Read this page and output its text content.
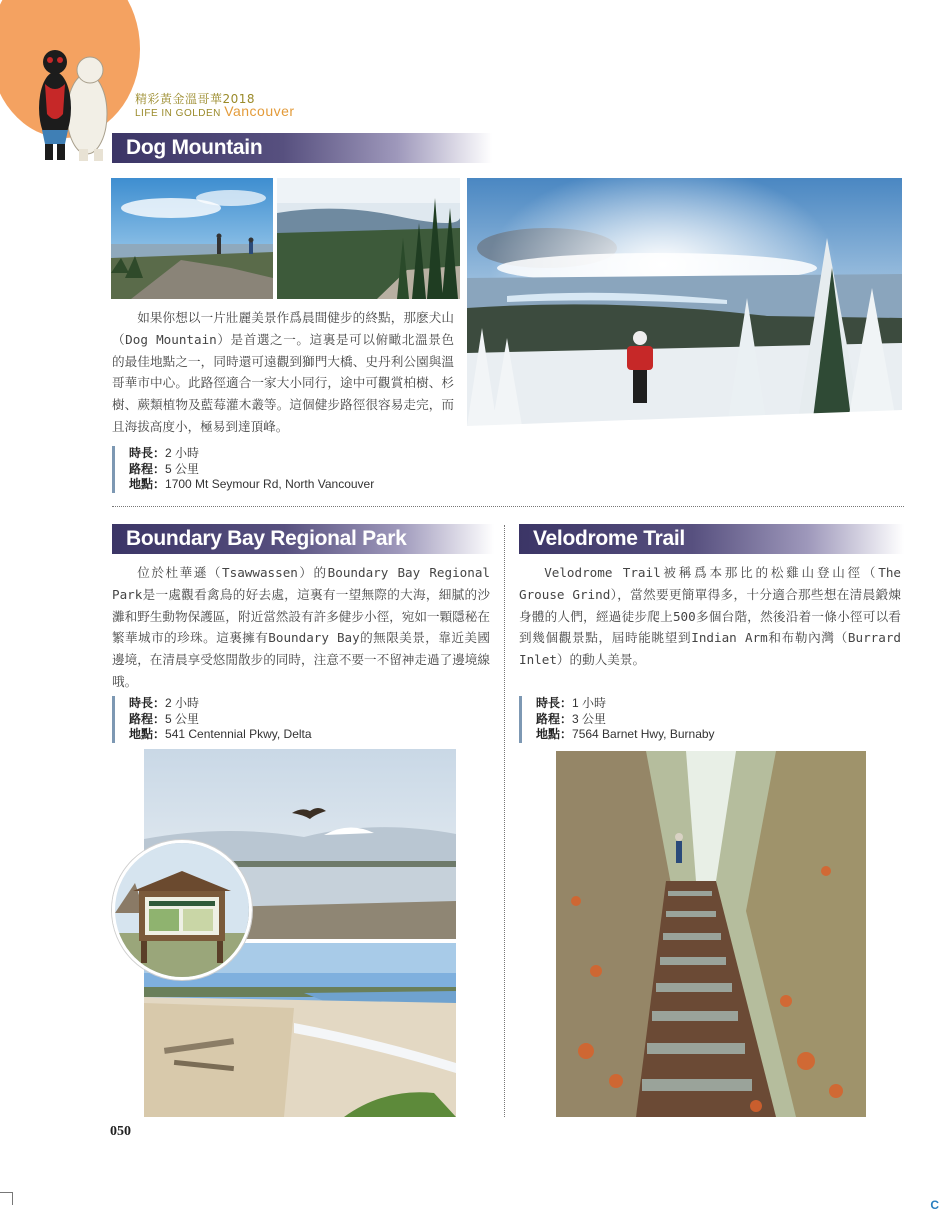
精彩黃金溫哥華2018
LIFE IN GOLDEN Vancouver
Dog Mountain
如果你想以一片壯麗美景作爲晨間健步的終點，那麽犬山（Dog Mountain）是首選之一。這裏是可以俯瞰北溫景色的最佳地點之一，同時還可遠觀到獅門大橋、史丹利公園與溫哥華市中心。此路徑適合一家大小同行，途中可觀賞柏樹、杉樹、蕨類植物及藍莓灌木叢等。這個健步路徑很容易走完，而且海拔高度小，極易到達頂峰。
時長：2 小時
路程：5 公里
地點：1700 Mt Seymour Rd, North Vancouver
Boundary Bay Regional Park
位於杜華遜（Tsawwassen）的Boundary Bay Regional Park是一處觀看禽鳥的好去處，這裏有一望無際的大海，細膩的沙灘和野生動物保護區，附近當然設有許多健步小徑，宛如一顆隱秘在繁華城市的珍珠。這裏擁有Boundary Bay的無限美景，靠近美國邊境，在清晨享受悠閒散步的同時，注意不要一不留神走過了邊境線哦。
時長：2 小時
路程：5 公里
地點：541 Centennial Pkwy, Delta
Velodrome Trail
Velodrome Trail被稱爲本那比的松雞山登山徑（The Grouse Grind），當然要更簡單得多，十分適合那些想在清晨鍛煉身體的人們，經過徒步爬上500多個台階，然後沿着一條小徑可以看到幾個觀景點，屆時能眺望到Indian Arm和布勒內灣（Burrard Inlet）的動人美景。
時長：1 小時
路程：3 公里
地點：7564 Barnet Hwy, Burnaby
050
C
